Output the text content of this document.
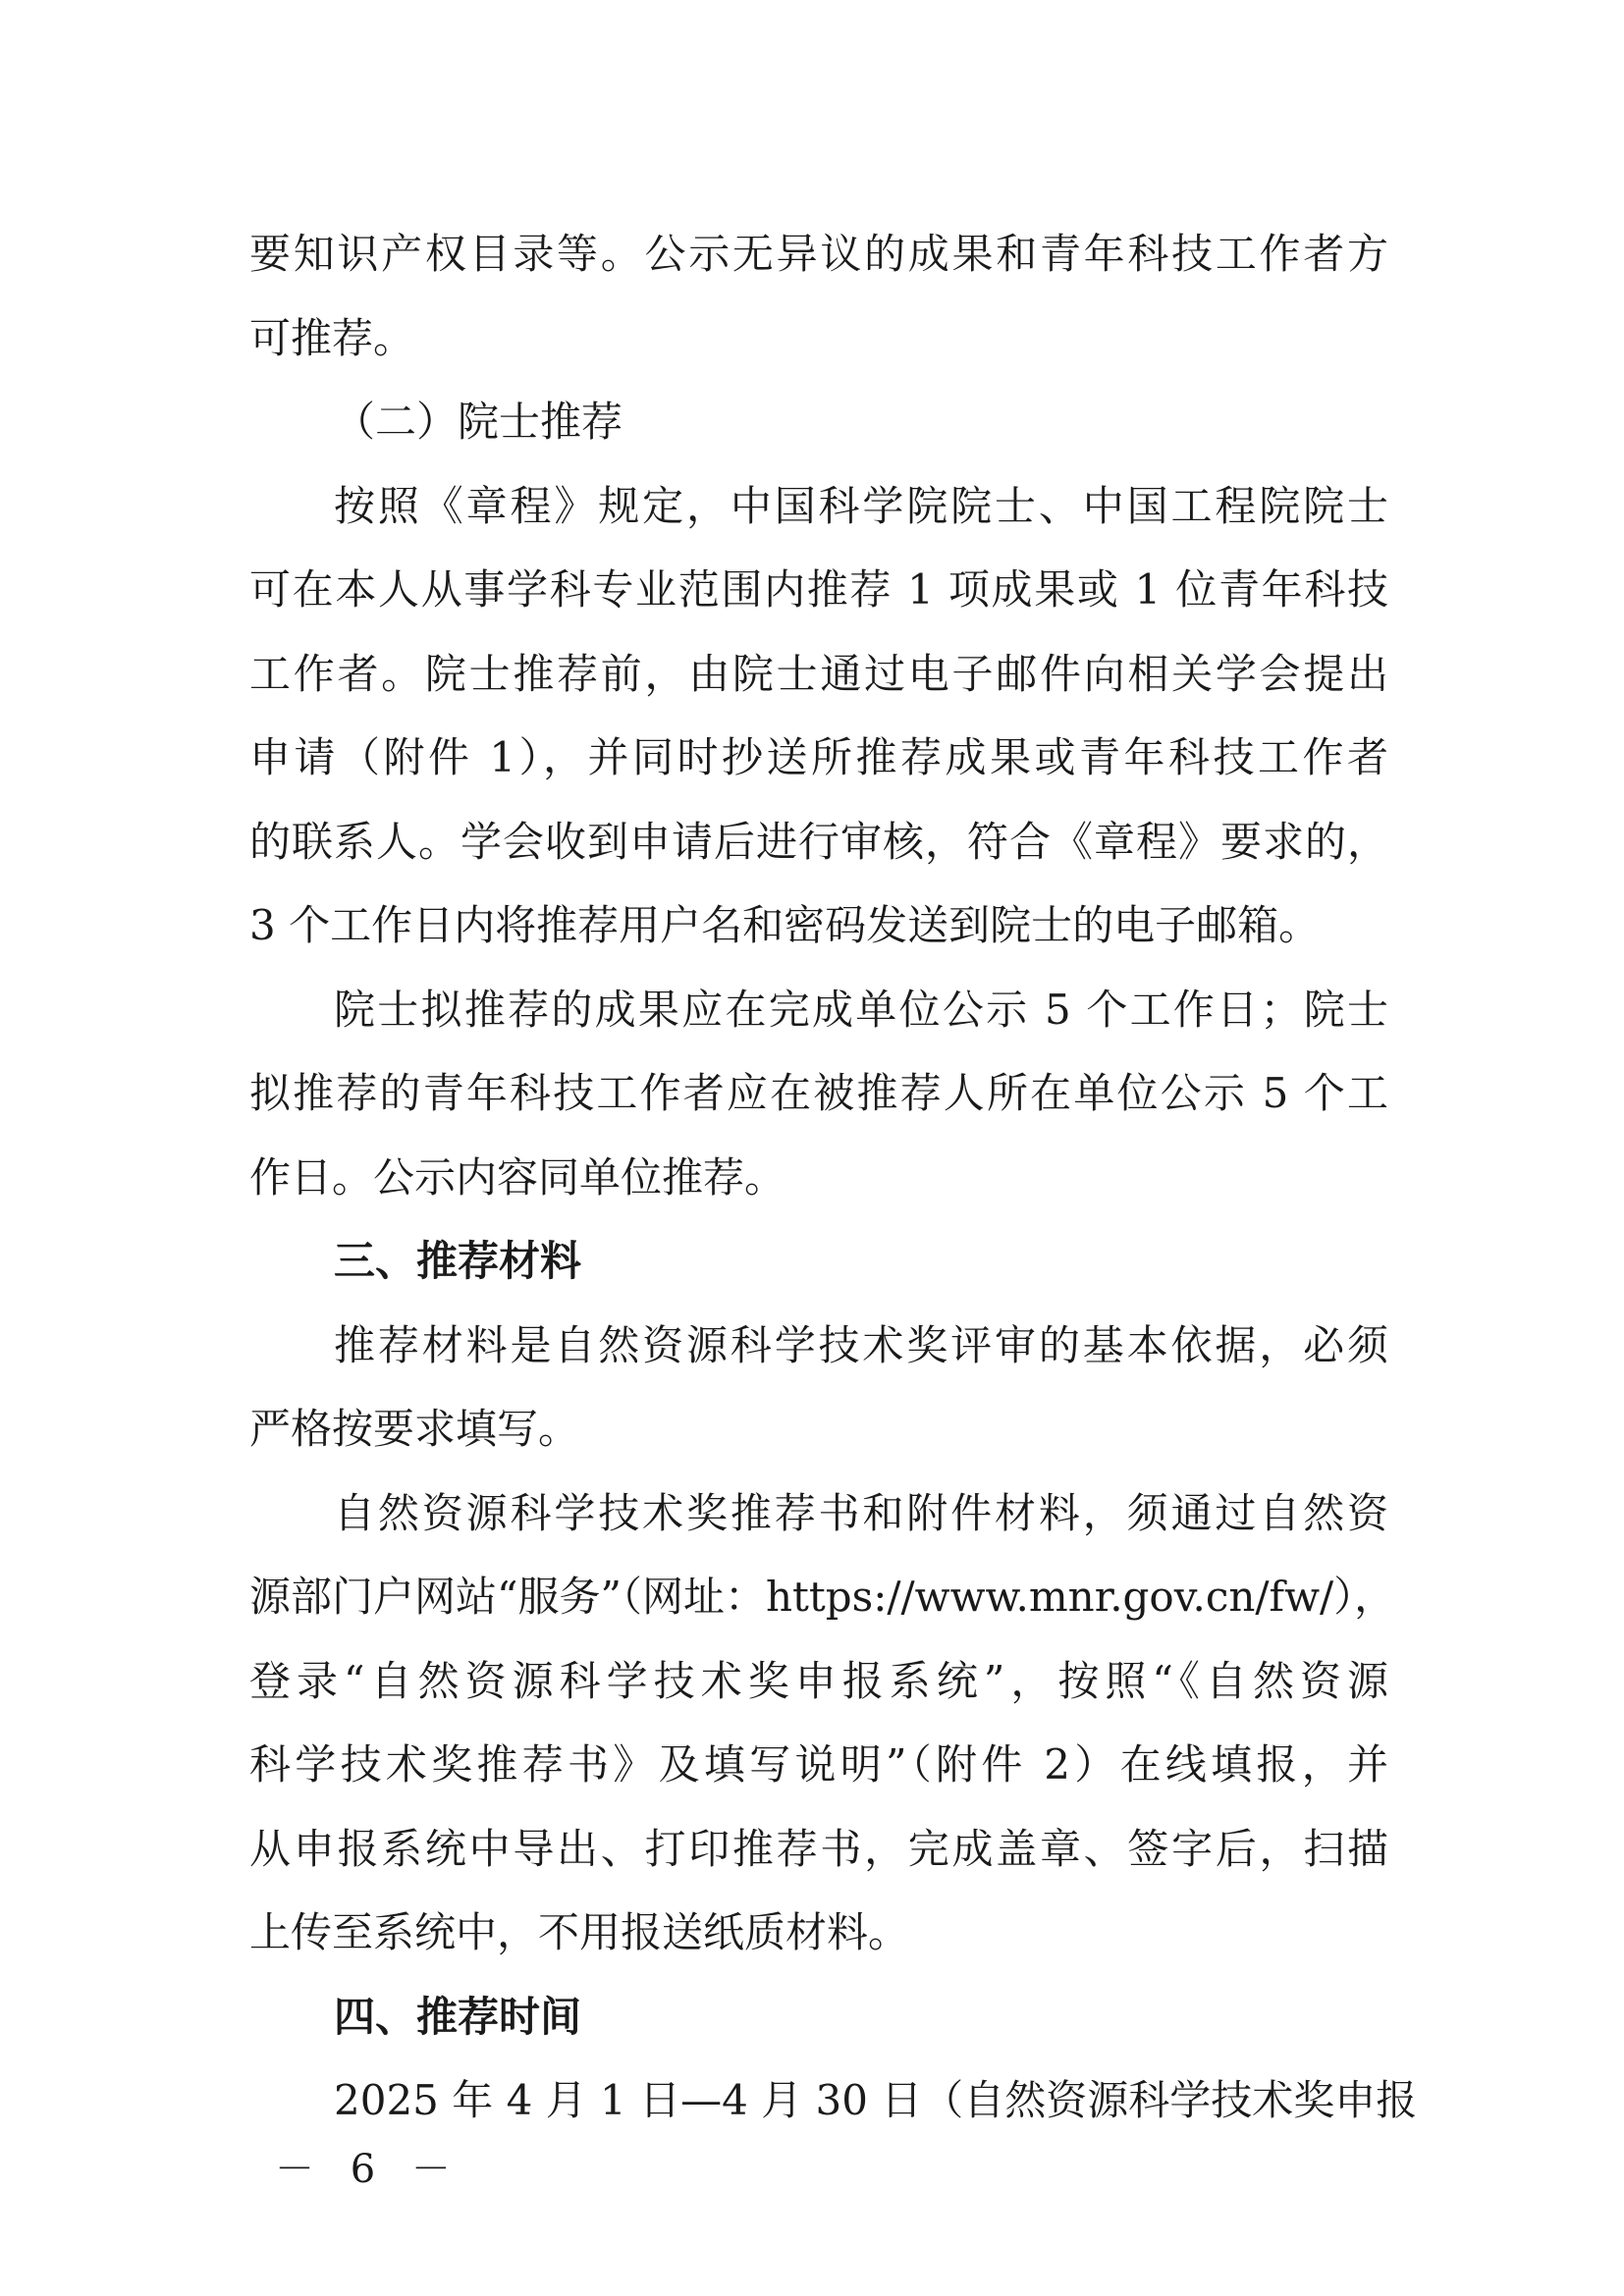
要知识产权目录等。公示无异议的成果和青年科技工作者方
可推荐。
（二）院士推荐
按照《章程》规定，中国科学院院士、中国工程院院士
可在本人从事学科专业范围内推荐 1 项成果或 1 位青年科技
工作者。院士推荐前，由院士通过电子邮件向相关学会提出
申请（附件 1），并同时抄送所推荐成果或青年科技工作者
的联系人。学会收到申请后进行审核，符合《章程》要求的，
3 个工作日内将推荐用户名和密码发送到院士的电子邮箱。
院士拟推荐的成果应在完成单位公示 5 个工作日；院士
拟推荐的青年科技工作者应在被推荐人所在单位公示 5 个工
作日。公示内容同单位推荐。
三、推荐材料
推荐材料是自然资源科学技术奖评审的基本依据，必须
严格按要求填写。
自然资源科学技术奖推荐书和附件材料，须通过自然资
源部门户网站“服务”（网址：https://www.mnr.gov.cn/fw/），
登录“自然资源科学技术奖申报系统”，按照“《自然资源
科学技术奖推荐书》及填写说明”（附件 2）在线填报，并
从申报系统中导出、打印推荐书，完成盖章、签字后，扫描
上传至系统中，不用报送纸质材料。
四、推荐时间
2025 年 4 月 1 日—4 月 30 日（自然资源科学技术奖申报
－ 6 －
